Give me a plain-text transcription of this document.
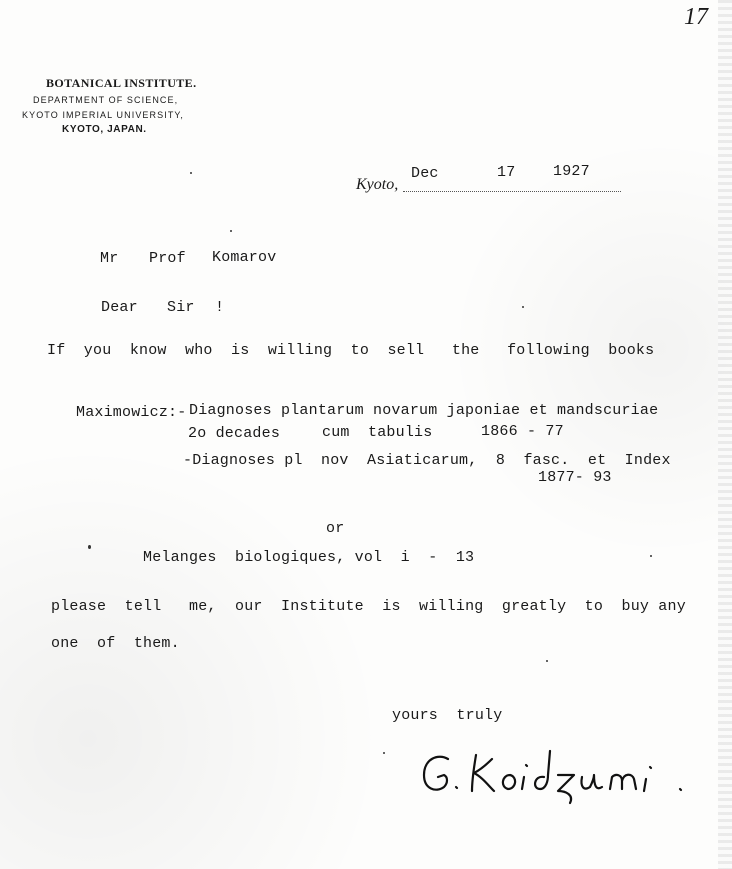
17
BOTANICAL INSTITUTE.
DEPARTMENT OF SCIENCE,
KYOTO IMPERIAL UNIVERSITY,
KYOTO, JAPAN.
Kyoto,
Dec	17	1927
Mr Prof Komarov
Dear Sir !
If  you  know  who  is  willing  to  sell   the   following  books
Maximowicz:- Diagnoses plantarum novarum japoniae et mandscuriae
2o decades	cum  tabulis	1866 - 77
-Diagnoses pl  nov  Asiaticarum,  8  fasc.  et  Index
1877- 93
or
Melanges  biologiques, vol  i  -  13
please  tell   me,  our  Institute  is  willing  greatly  to  buy any
one  of  them.
yours  truly
